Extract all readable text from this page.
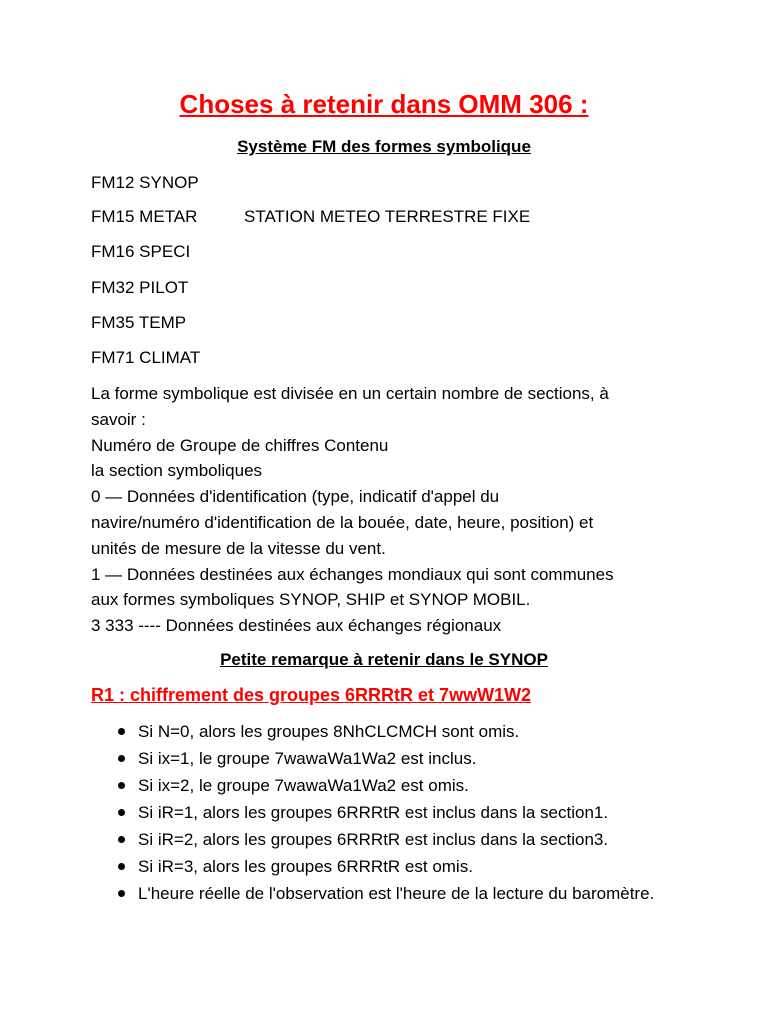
Choses à retenir dans OMM 306 :
Système FM des formes symbolique
FM12 SYNOP
FM15 METAR	STATION METEO TERRESTRE FIXE
FM16 SPECI
FM32 PILOT
FM35 TEMP
FM71 CLIMAT
La forme symbolique est divisée en un certain nombre de sections, à
savoir :
Numéro de Groupe de chiffres Contenu
la section symboliques
0 — Données d'identification (type, indicatif d'appel du
navire/numéro d'identification de la bouée, date, heure, position) et
unités de mesure de la vitesse du vent.
1 — Données destinées aux échanges mondiaux qui sont communes
aux formes symboliques SYNOP, SHIP et SYNOP MOBIL.
3 333 ---- Données destinées aux échanges régionaux
Petite remarque à retenir dans le SYNOP
R1 : chiffrement des groupes 6RRRtR et 7wwW1W2
Si N=0, alors les groupes 8NhCLCMCH sont omis.
Si ix=1, le groupe 7wawaWa1Wa2 est inclus.
Si ix=2, le groupe 7wawaWa1Wa2 est omis.
Si iR=1, alors les groupes 6RRRtR est inclus dans la section1.
Si iR=2, alors les groupes 6RRRtR est inclus dans la section3.
Si iR=3, alors les groupes 6RRRtR est omis.
L'heure réelle de l'observation est l'heure de la lecture du baromètre.
